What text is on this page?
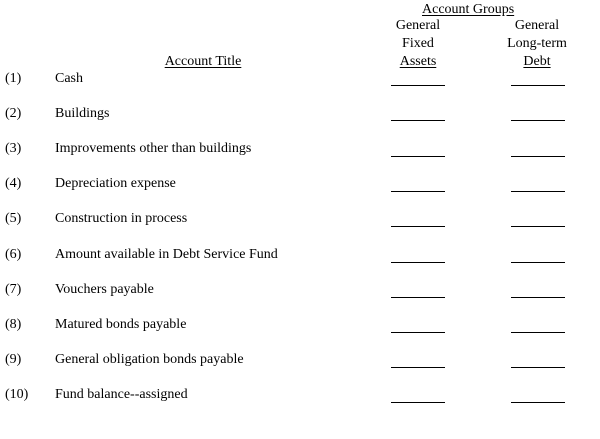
Account Groups
General
Fixed
Assets
General
Long-term
Debt
Account Title
(1) Cash
(2) Buildings
(3) Improvements other than buildings
(4) Depreciation expense
(5) Construction in process
(6) Amount available in Debt Service Fund
(7) Vouchers payable
(8) Matured bonds payable
(9) General obligation bonds payable
(10) Fund balance--assigned
